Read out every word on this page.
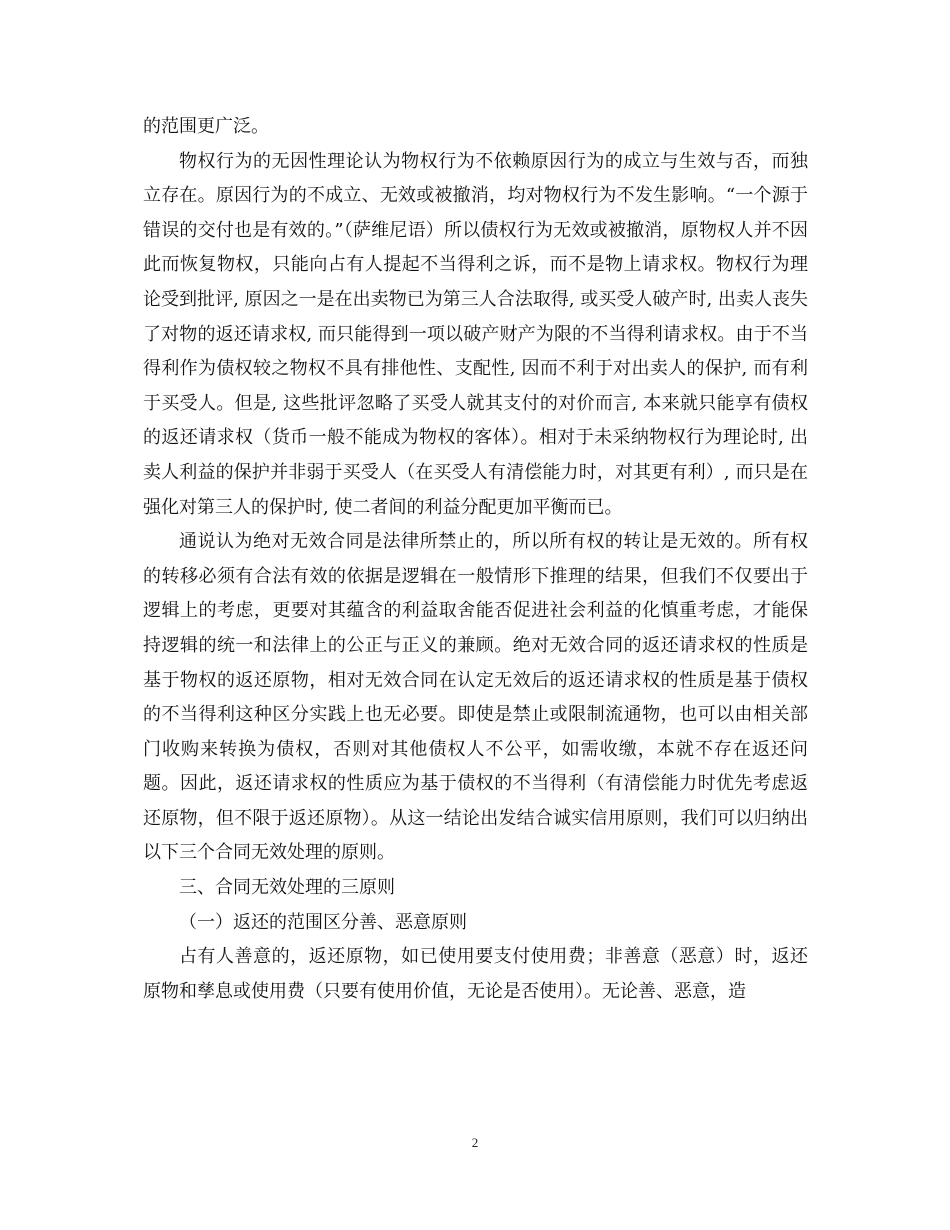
的范围更广泛。

物权行为的无因性理论认为物权行为不依赖原因行为的成立与生效与否，而独立存在。原因行为的不成立、无效或被撤消，均对物权行为不发生影响。“一个源于错误的交付也是有效的。”（萨维尼语）所以债权行为无效或被撤消，原物权人并不因此而恢复物权，只能向占有人提起不当得利之诉，而不是物上请求权。物权行为理论受到批评, 原因之一是在出卖物已为第三人合法取得, 或买受人破产时, 出卖人丧失了对物的返还请求权, 而只能得到一项以破产财产为限的不当得利请求权。由于不当得利作为债权较之物权不具有排他性、支配性, 因而不利于对出卖人的保护, 而有利于买受人。但是, 这些批评忽略了买受人就其支付的对价而言, 本来就只能享有债权的返还请求权（货币一般不能成为物权的客体）。相对于未采纳物权行为理论时, 出卖人利益的保护并非弱于买受人（在买受人有清偿能力时，对其更有利）, 而只是在强化对第三人的保护时, 使二者间的利益分配更加平衡而已。

通说认为绝对无效合同是法律所禁止的，所以所有权的转让是无效的。所有权的转移必须有合法有效的依据是逻辑在一般情形下推理的结果，但我们不仅要出于逻辑上的考虑，更要对其蕴含的利益取舍能否促进社会利益的化慎重考虑，才能保持逻辑的统一和法律上的公正与正义的兼顾。绝对无效合同的返还请求权的性质是基于物权的返还原物，相对无效合同在认定无效后的返还请求权的性质是基于债权的不当得利这种区分实践上也无必要。即使是禁止或限制流通物，也可以由相关部门收购来转换为债权，否则对其他债权人不公平，如需收缴，本就不存在返还问题。因此，返还请求权的性质应为基于债权的不当得利（有清偿能力时优先考虑返还原物，但不限于返还原物）。从这一结论出发结合诚实信用原则，我们可以归纳出以下三个合同无效处理的原则。

三、合同无效处理的三原则

（一）返还的范围区分善、恶意原则

占有人善意的，返还原物，如已使用要支付使用费；非善意（恶意）时，返还原物和孳息或使用费（只要有使用价值，无论是否使用）。无论善、恶意，造

2
